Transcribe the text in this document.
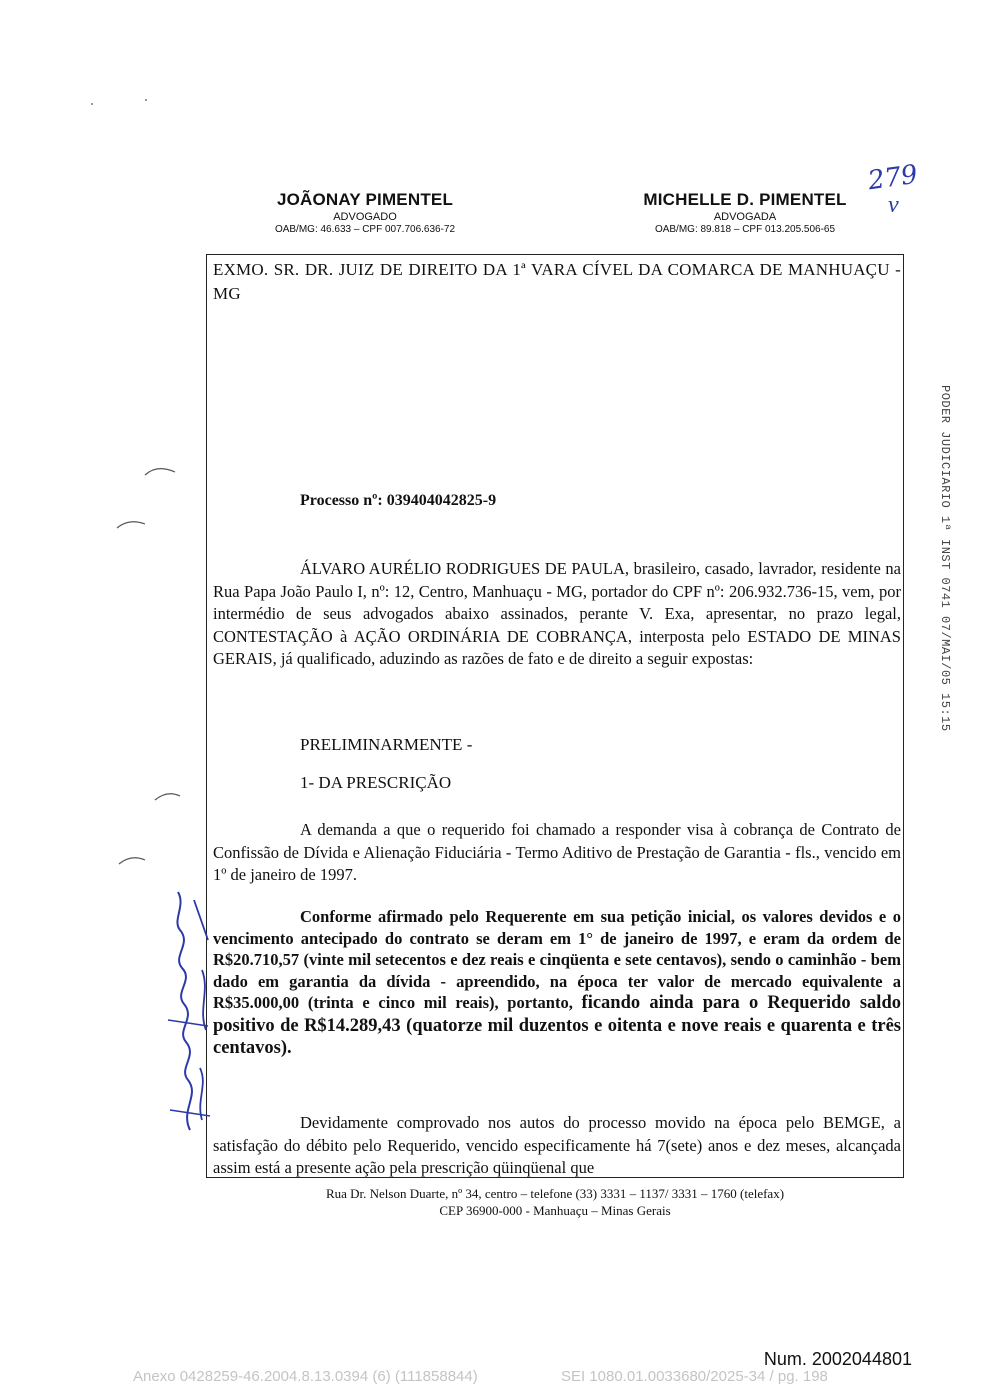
JOÃONAY PIMENTEL
ADVOGADO
OAB/MG: 46.633 – CPF 007.706.636-72
MICHELLE D. PIMENTEL
ADVOGADA
OAB/MG: 89.818 – CPF 013.205.506-65
279
ν
EXMO. SR. DR. JUIZ DE DIREITO DA 1ª VARA CÍVEL DA COMARCA DE MANHUAÇU - MG
PODER JUDICIARIO 1ª INST 0741 07/MAI/05 15:15
Processo nº: 039404042825-9
ÁLVARO AURÉLIO RODRIGUES DE PAULA, brasileiro, casado, lavrador, residente na Rua Papa João Paulo I, nº: 12, Centro, Manhuaçu - MG, portador do CPF nº: 206.932.736-15, vem, por intermédio de seus advogados abaixo assinados, perante V. Exa, apresentar, no prazo legal, CONTESTAÇÃO à AÇÃO ORDINÁRIA DE COBRANÇA, interposta pelo ESTADO DE MINAS GERAIS, já qualificado, aduzindo as razões de fato e de direito a seguir expostas:
PRELIMINARMENTE -
1- DA PRESCRIÇÃO
A demanda a que o requerido foi chamado a responder visa à cobrança de Contrato de Confissão de Dívida e Alienação Fiduciária - Termo Aditivo de Prestação de Garantia - fls., vencido em 1º de janeiro de 1997.
Conforme afirmado pelo Requerente em sua petição inicial, os valores devidos e o vencimento antecipado do contrato se deram em 1° de janeiro de 1997, e eram da ordem de R$20.710,57 (vinte mil setecentos e dez reais e cinqüenta e sete centavos), sendo o caminhão - bem dado em garantia da dívida - apreendido, na época ter valor de mercado equivalente a R$35.000,00 (trinta e cinco mil reais), portanto, ficando ainda para o Requerido saldo positivo de R$14.289,43 (quatorze mil duzentos e oitenta e nove reais e quarenta e três centavos).
Devidamente comprovado nos autos do processo movido na época pelo BEMGE, a satisfação do débito pelo Requerido, vencido especificamente há 7(sete) anos e dez meses, alcançada assim está a presente ação pela prescrição qüinqüenal que
Rua Dr. Nelson Duarte, nº 34, centro – telefone (33) 3331 – 1137/ 3331 – 1760 (telefax)
CEP 36900-000 - Manhuaçu – Minas Gerais
Num. 2002044801
Anexo 0428259-46.2004.8.13.0394 (6) (111858844)	SEI 1080.01.0033680/2025-34 / pg. 198
